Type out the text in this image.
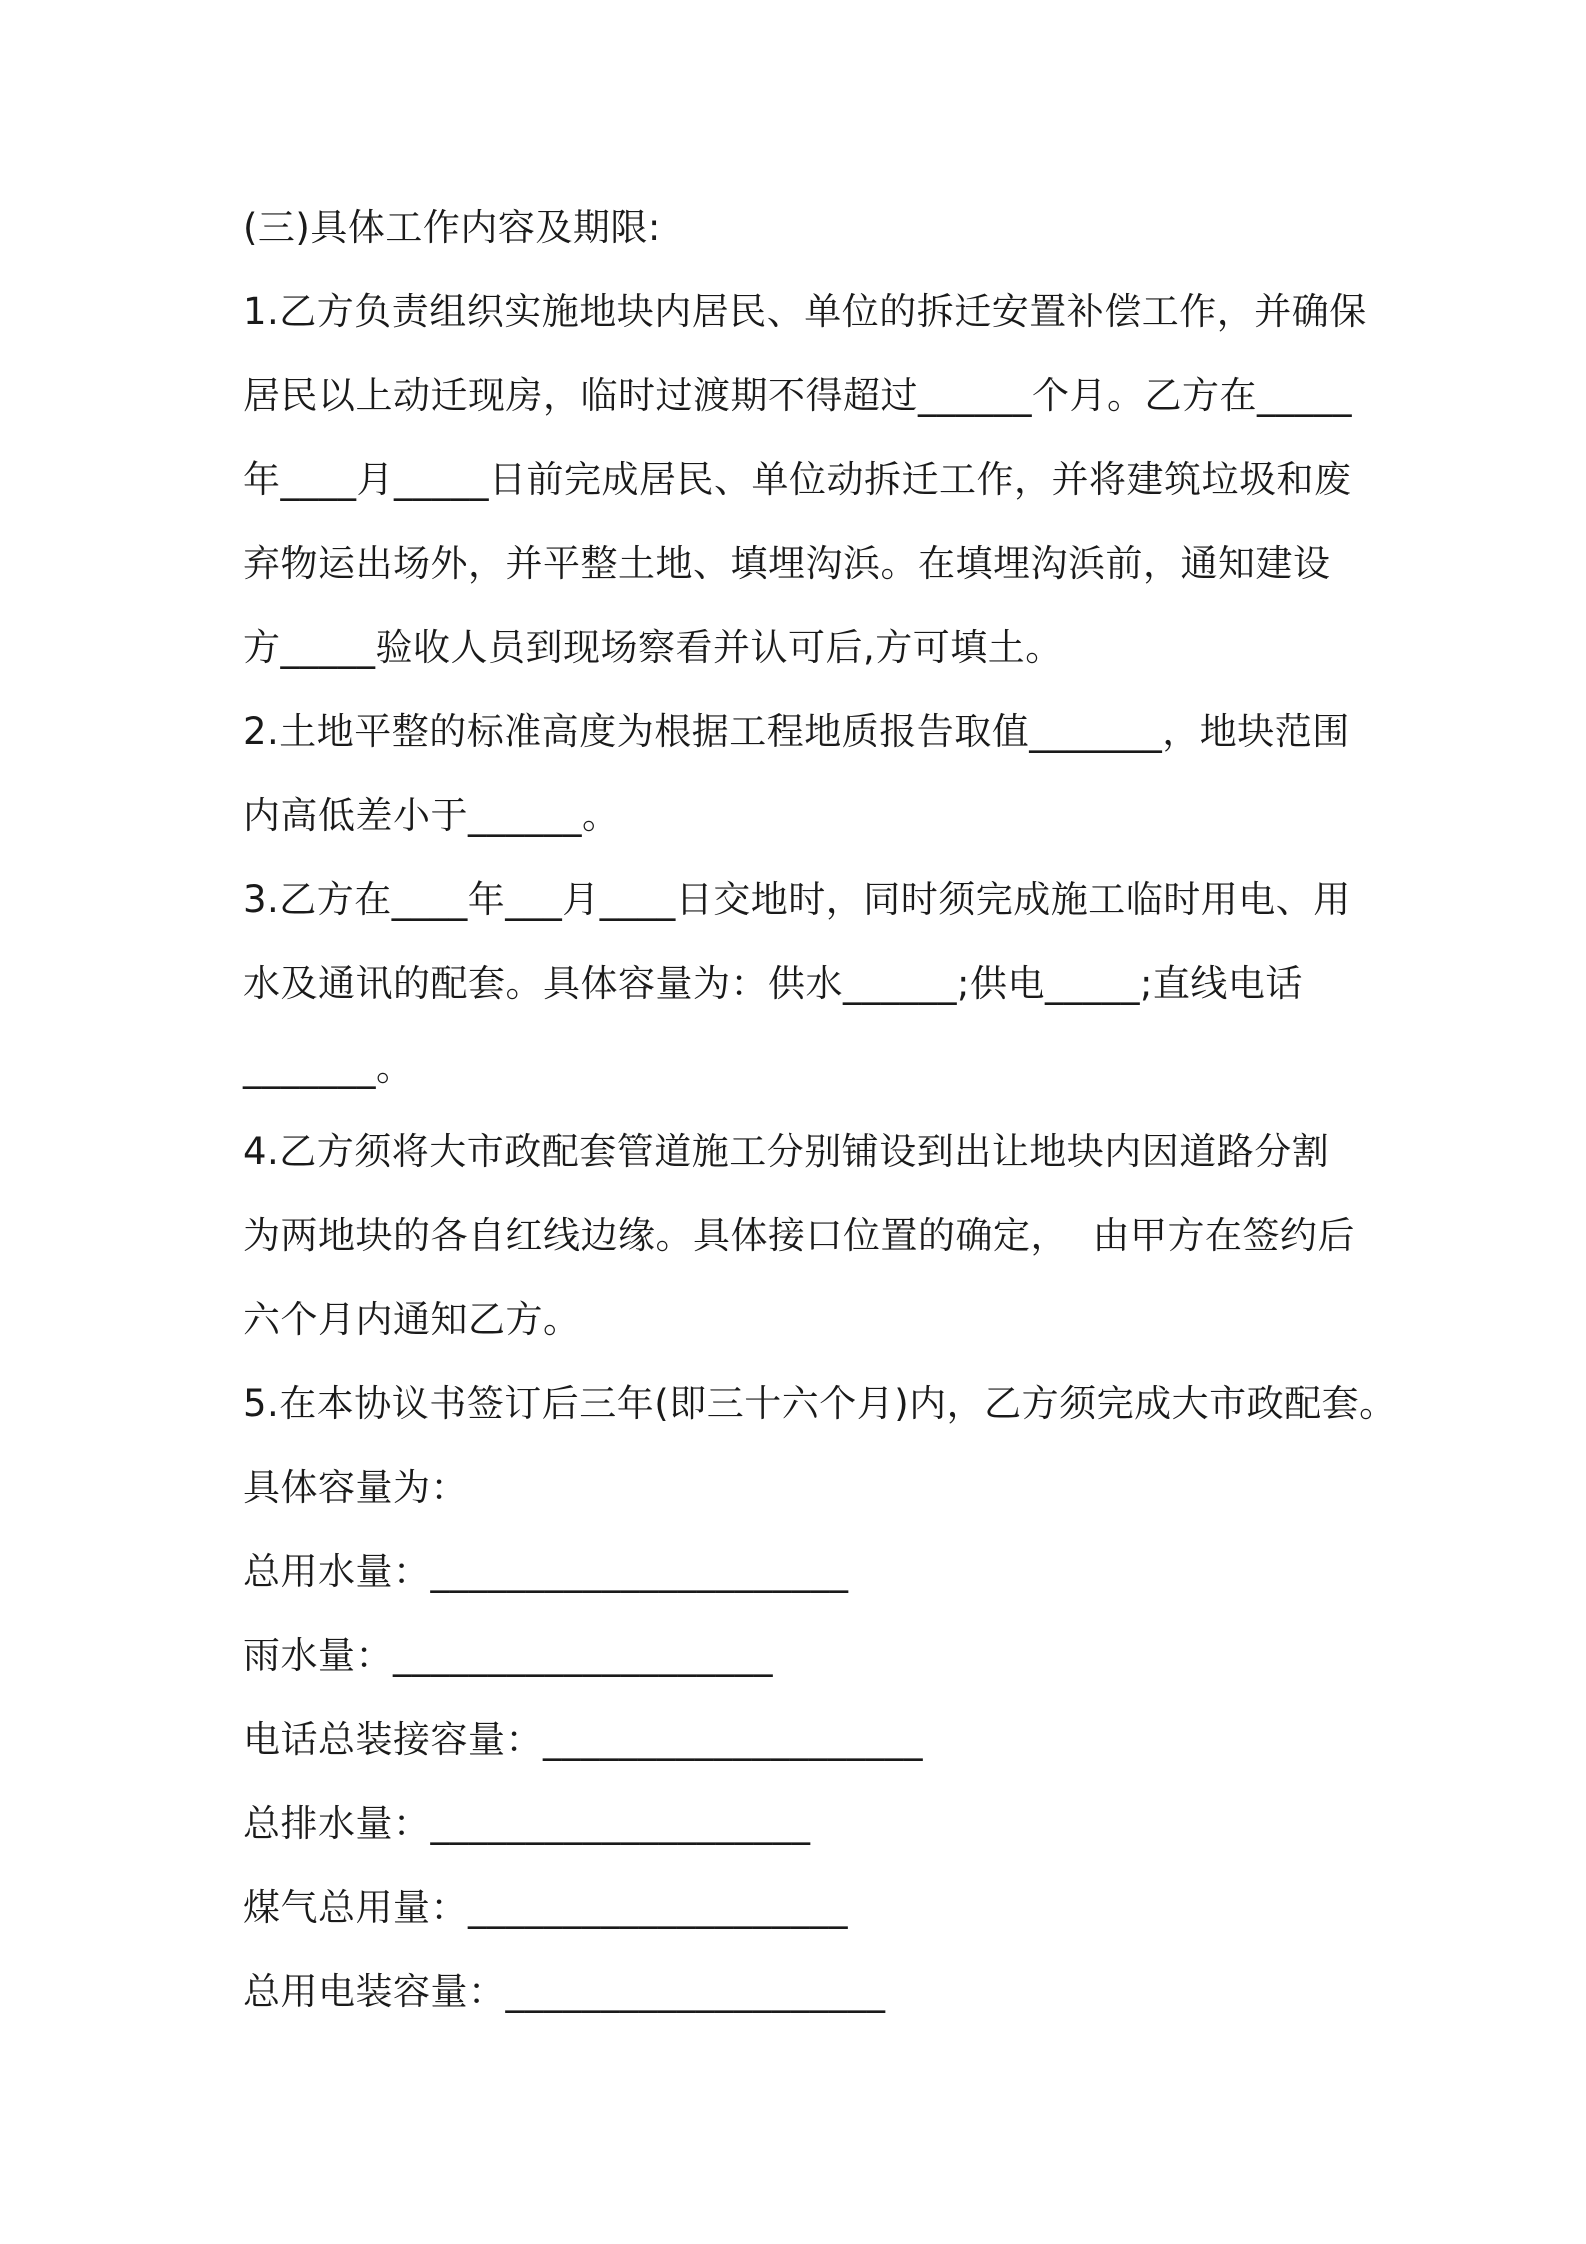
(三)具体工作内容及期限:
1.乙方负责组织实施地块内居民、单位的拆迁安置补偿工作，并确保
居民以上动迁现房，临时过渡期不得超过______个月。乙方在_____
年____月_____日前完成居民、单位动拆迁工作，并将建筑垃圾和废
弃物运出场外，并平整土地、填埋沟浜。在填埋沟浜前，通知建设
方_____验收人员到现场察看并认可后,方可填土。
2.土地平整的标准高度为根据工程地质报告取值_______，地块范围
内高低差小于______。
3.乙方在____年___月____日交地时，同时须完成施工临时用电、用
水及通讯的配套。具体容量为：供水______;供电_____;直线电话
_______。
4.乙方须将大市政配套管道施工分别铺设到出让地块内因道路分割
为两地块的各自红线边缘。具体接口位置的确定，  由甲方在签约后
六个月内通知乙方。
5.在本协议书签订后三年(即三十六个月)内，乙方须完成大市政配套。
具体容量为：
总用水量：______________________
雨水量：____________________
电话总装接容量：____________________
总排水量：____________________
煤气总用量：____________________
总用电装容量：____________________
